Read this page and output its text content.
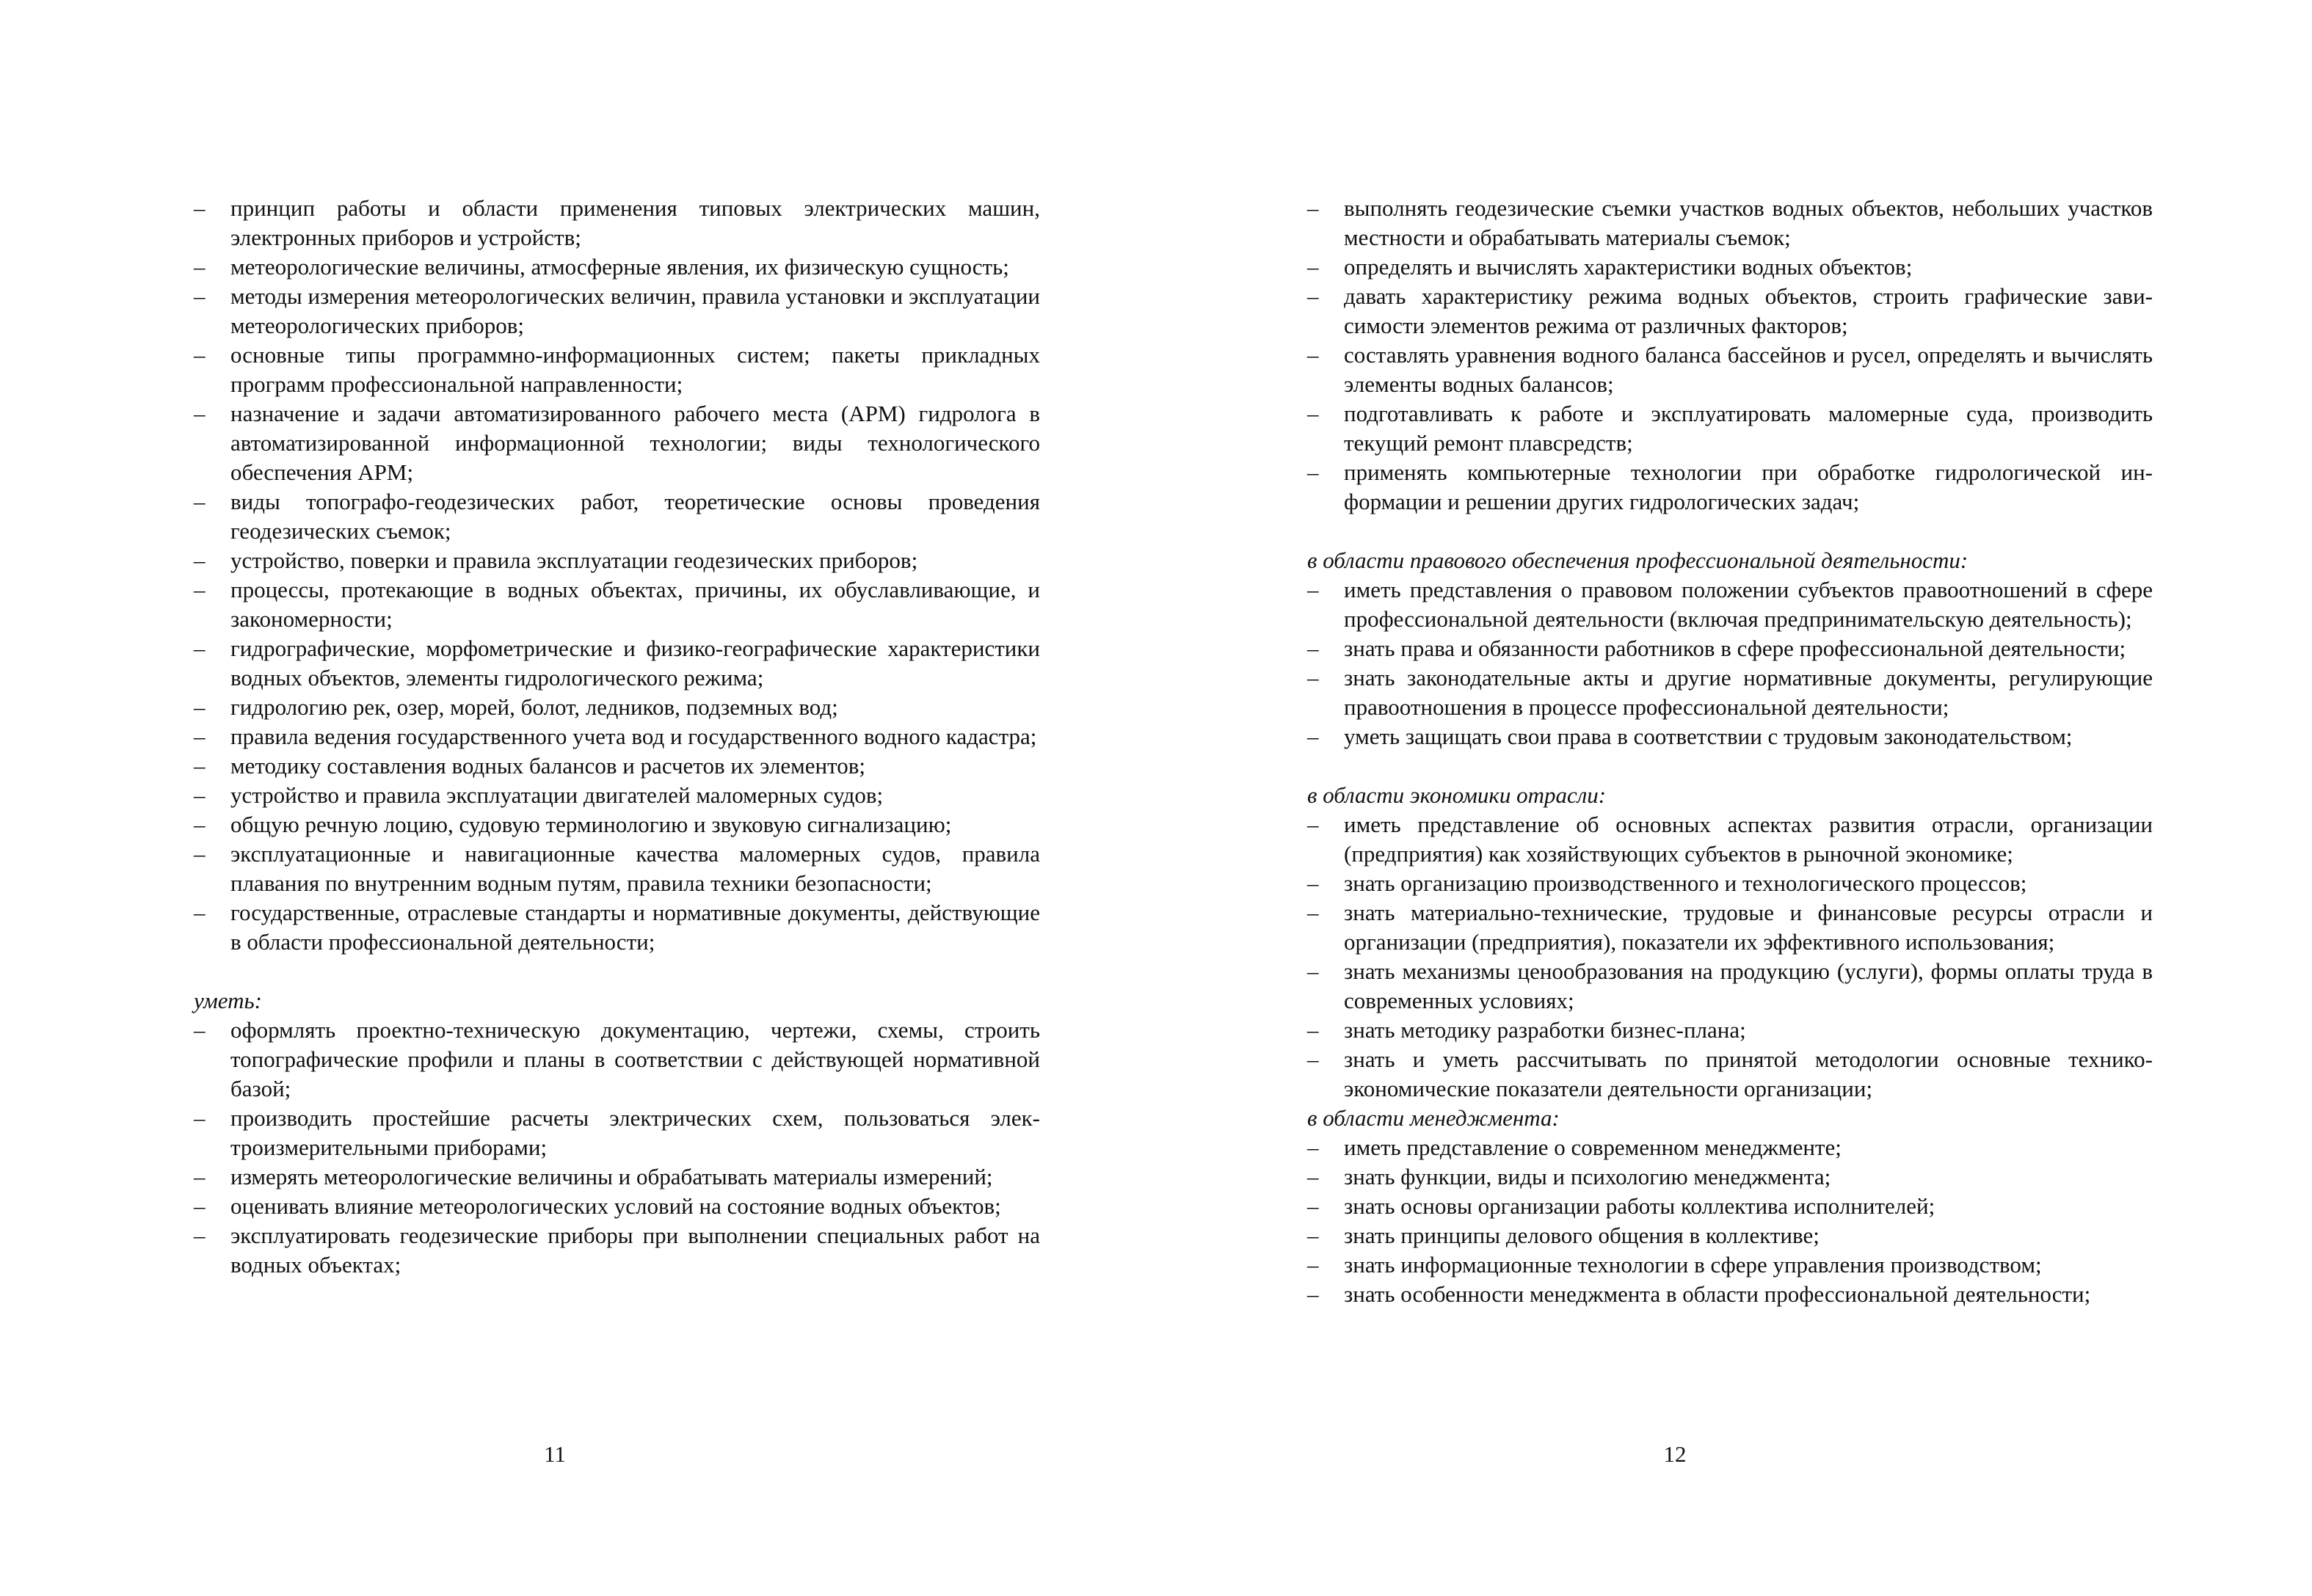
– принцип работы и области применения типовых электрических машин, электронных приборов и устройств;
– метеорологические величины, атмосферные явления, их физическую сущность;
– методы измерения метеорологических величин, правила установки и эксплуатации метеорологических приборов;
– основные типы программно-информационных систем; пакеты прикладных программ профессиональной направленности;
– назначение и задачи автоматизированного рабочего места (АРМ) гидролога в автоматизированной информационной технологии; виды технологического обеспечения АРМ;
– виды топографо-геодезических работ, теоретические основы проведения геодезических съемок;
– устройство, поверки и правила эксплуатации геодезических приборов;
– процессы, протекающие в водных объектах, причины, их обуславливающие, и закономерности;
– гидрографические, морфометрические и физико-географические характеристики водных объектов, элементы гидрологического режима;
– гидрологию рек, озер, морей, болот, ледников, подземных вод;
– правила ведения государственного учета вод и государственного водного кадастра;
– методику составления водных балансов и расчетов их элементов;
– устройство и правила эксплуатации двигателей маломерных судов;
– общую речную лоцию, судовую терминологию и звуковую сигнализацию;
– эксплуатационные и навигационные качества маломерных судов, правила плавания по внутренним водным путям, правила техники безопасности;
– государственные, отраслевые стандарты и нормативные документы, действующие в области профессиональной деятельности;

уметь:

– оформлять проектно-техническую документацию, чертежи, схемы, строить топографические профили и планы в соответствии с действующей нормативной базой;
– производить простейшие расчеты электрических схем, пользоваться электроизмерительными приборами;
– измерять метеорологические величины и обрабатывать материалы измерений;
– оценивать влияние метеорологических условий на состояние водных объектов;
– эксплуатировать геодезические приборы при выполнении специальных работ на водных объектах;
11
– выполнять геодезические съемки участков водных объектов, небольших участков местности и обрабатывать материалы съемок;
– определять и вычислять характеристики водных объектов;
– давать характеристику режима водных объектов, строить графические зависимости элементов режима от различных факторов;
– составлять уравнения водного баланса бассейнов и русел, определять и вычислять элементы водных балансов;
– подготавливать к работе и эксплуатировать маломерные суда, производить текущий ремонт плавсредств;
– применять компьютерные технологии при обработке гидрологической информации и решении других гидрологических задач;

в области правового обеспечения профессиональной деятельности:

– иметь представления о правовом положении субъектов правоотношений в сфере профессиональной деятельности (включая предпринимательскую деятельность);
– знать права и обязанности работников в сфере профессиональной деятельности;
– знать законодательные акты и другие нормативные документы, регулирующие правоотношения в процессе профессиональной деятельности;
– уметь защищать свои права в соответствии с трудовым законодательством;

в области экономики отрасли:

– иметь представление об основных аспектах развития отрасли, организации (предприятия) как хозяйствующих субъектов в рыночной экономике;
– знать организацию производственного и технологического процессов;
– знать материально-технические, трудовые и финансовые ресурсы отрасли и организации (предприятия), показатели их эффективного использования;
– знать механизмы ценообразования на продукцию (услуги), формы оплаты труда в современных условиях;
– знать методику разработки бизнес-плана;
– знать и уметь рассчитывать по принятой методологии основные технико-экономические показатели деятельности организации;

в области менеджмента:

– иметь представление о современном менеджменте;
– знать функции, виды и психологию менеджмента;
– знать основы организации работы коллектива исполнителей;
– знать принципы делового общения в коллективе;
– знать информационные технологии в сфере управления производством;
– знать особенности менеджмента в области профессиональной деятельности;
12
